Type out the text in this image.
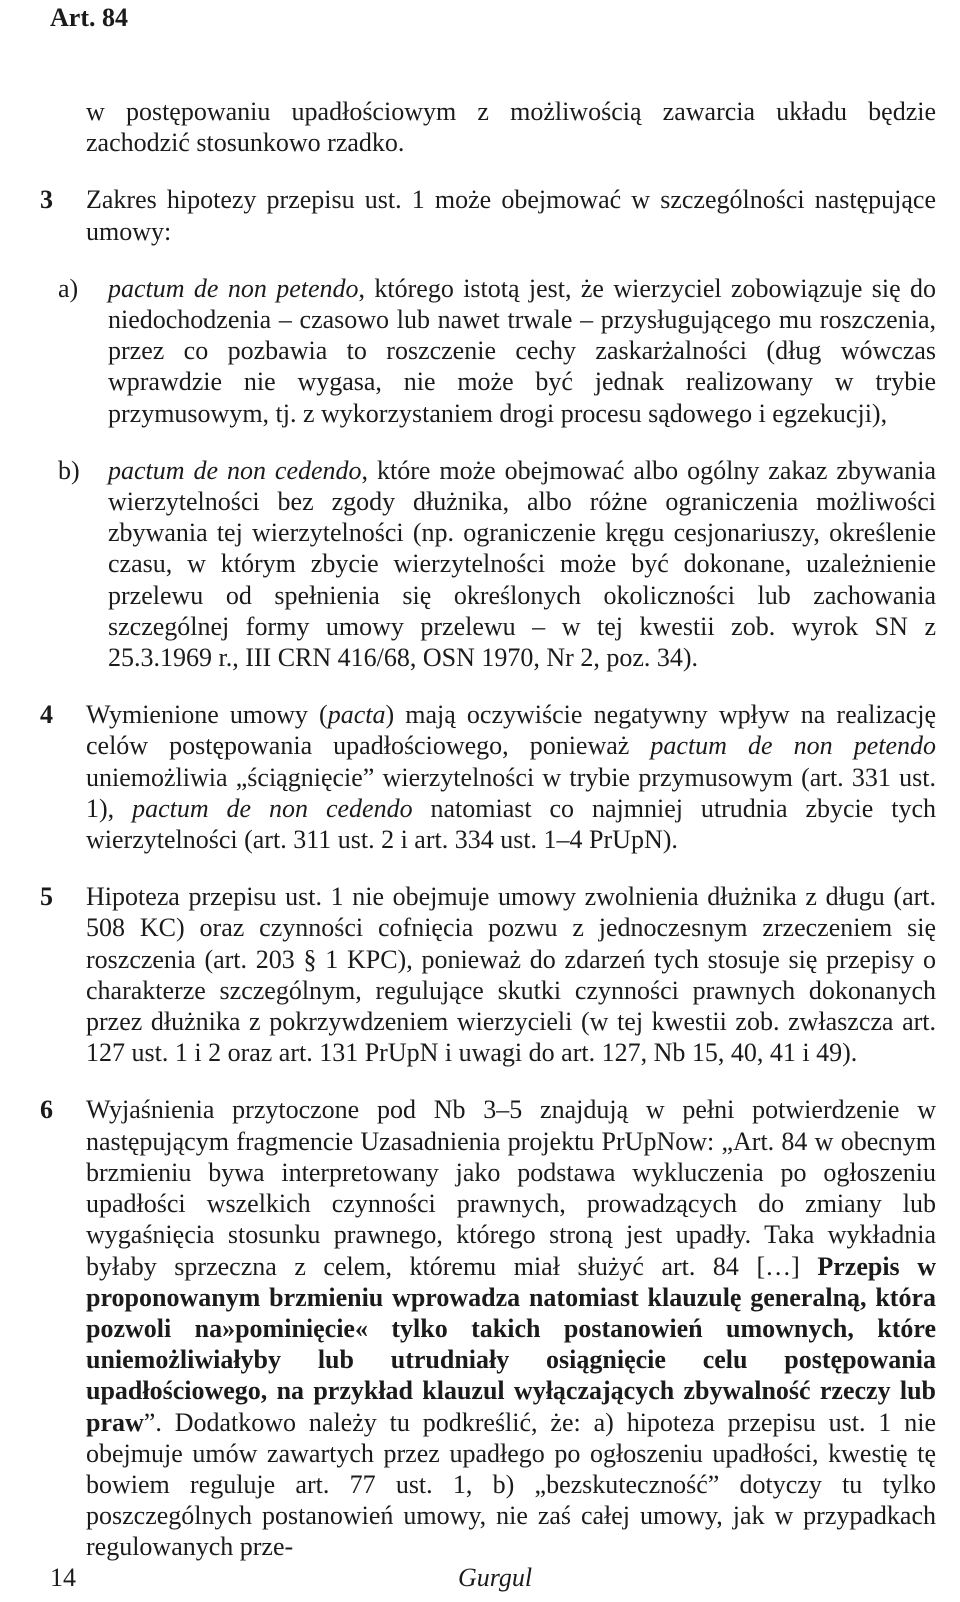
Art. 84

w postępowaniu upadłościowym z możliwością zawarcia układu będzie zachodzić stosunkowo rzadko.

3 Zakres hipotezy przepisu ust. 1 może obejmować w szczególności następujące umowy:

a) pactum de non petendo, którego istotą jest, że wierzyciel zobowiązuje się do niedochodzenia – czasowo lub nawet trwale – przysługującego mu roszczenia, przez co pozbawia to roszczenie cechy zaskarżalności (dług wówczas wprawdzie nie wygasa, nie może być jednak realizowany w trybie przymusowym, tj. z wykorzystaniem drogi procesu sądowego i egzekucji),

b) pactum de non cedendo, które może obejmować albo ogólny zakaz zbywania wierzytelności bez zgody dłużnika, albo różne ograniczenia możliwości zbywania tej wierzytelności (np. ograniczenie kręgu cesjonariuszy, określenie czasu, w którym zbycie wierzytelności może być dokonane, uzależnienie przelewu od spełnienia się określonych okoliczności lub zachowania szczególnej formy umowy przelewu – w tej kwestii zob. wyrok SN z 25.3.1969 r., III CRN 416/68, OSN 1970, Nr 2, poz. 34).

4 Wymienione umowy (pacta) mają oczywiście negatywny wpływ na realizację celów postępowania upadłościowego, ponieważ pactum de non petendo uniemożliwia „ściągnięcie” wierzytelności w trybie przymusowym (art. 331 ust. 1), pactum de non cedendo natomiast co najmniej utrudnia zbycie tych wierzytelności (art. 311 ust. 2 i art. 334 ust. 1–4 PrUpN).

5 Hipoteza przepisu ust. 1 nie obejmuje umowy zwolnienia dłużnika z długu (art. 508 KC) oraz czynności cofnięcia pozwu z jednoczesnym zrzeczeniem się roszczenia (art. 203 § 1 KPC), ponieważ do zdarzeń tych stosuje się przepisy o charakterze szczególnym, regulujące skutki czynności prawnych dokonanych przez dłużnika z pokrzywdzeniem wierzycieli (w tej kwestii zob. zwłaszcza art. 127 ust. 1 i 2 oraz art. 131 PrUpN i uwagi do art. 127, Nb 15, 40, 41 i 49).

6 Wyjaśnienia przytoczone pod Nb 3–5 znajdują w pełni potwierdzenie w następującym fragmencie Uzasadnienia projektu PrUpNow: „Art. 84 w obecnym brzmieniu bywa interpretowany jako podstawa wykluczenia po ogłoszeniu upadłości wszelkich czynności prawnych, prowadzących do zmiany lub wygaśnięcia stosunku prawnego, którego stroną jest upadły. Taka wykładnia byłaby sprzeczna z celem, któremu miał służyć art. 84 […] Przepis w proponowanym brzmieniu wprowadza natomiast klauzulę generalną, która pozwoli na»pominięcie« tylko takich postanowień umownych, które uniemożliwiałyby lub utrudniały osiągnięcie celu postępowania upadłościowego, na przykład klauzul wyłączających zbywalność rzeczy lub praw”. Dodatkowo należy tu podkreślić, że: a) hipoteza przepisu ust. 1 nie obejmuje umów zawartych przez upadłego po ogłoszeniu upadłości, kwestię tę bowiem reguluje art. 77 ust. 1, b) „bezskuteczność” dotyczy tu tylko poszczególnych postanowień umowy, nie zaś całej umowy, jak w przypadkach regulowanych prze-

14	Gurgul
